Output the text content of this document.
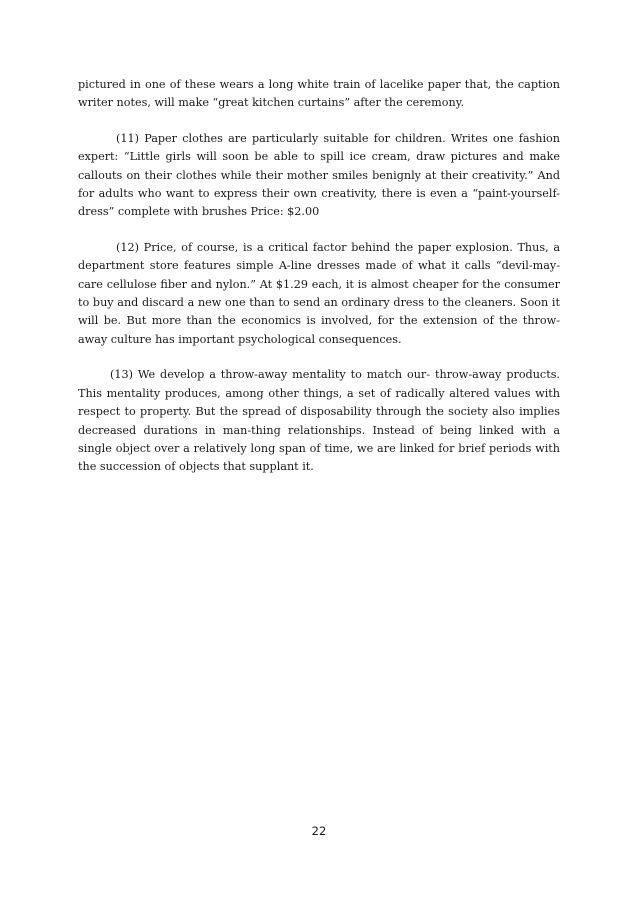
pictured in one of these wears a long white train of lacelike paper that, the caption writer notes, will make “great kitchen curtains” after the ceremony.

(11) Paper clothes are particularly suitable for children. Writes one fashion expert: “Little girls will soon be able to spill ice cream, draw pictures and make callouts on their clothes while their mother smiles benignly at their creativity.” And for adults who want to express their own creativity, there is even a “paint-yourself-dress” complete with brushes Price: $2.00

(12) Price, of course, is a critical factor behind the paper explosion. Thus, a department store features simple A-line dresses made of what it calls “devil-may-care cellulose fiber and nylon.” At $1.29 each, it is almost cheaper for the consumer to buy and discard a new one than to send an ordinary dress to the cleaners. Soon it will be. But more than the economics is involved, for the extension of the throw-away culture has important psychological consequences.

(13) We develop a throw-away mentality to match our- throw-away products. This mentality produces, among other things, a set of radically altered values with respect to property. But the spread of disposability through the society also implies decreased durations in man-thing relationships. Instead of being linked with a single object over a relatively long span of time, we are linked for brief periods with the succession of objects that supplant it.

22
